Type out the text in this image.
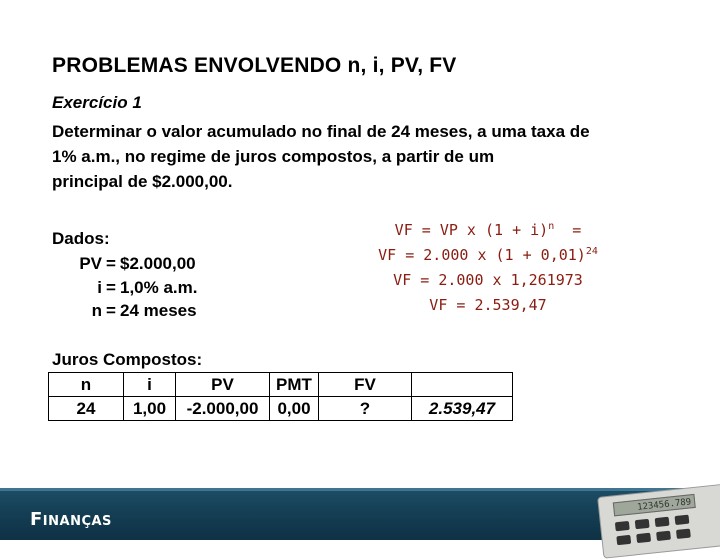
PROBLEMAS ENVOLVENDO n, i, PV, FV
Exercício 1
Determinar o valor acumulado no final de 24 meses, a uma taxa de
1% a.m., no regime de juros compostos, a partir de um
principal de $2.000,00.
Dados:
PV	=	$2.000,00
i	=	1,0% a.m.
n	=	24 meses
VF = VP x $(1 + i)^n$  =
VF = 2.000 x $(1 + 0,01)^{24}$
VF = 2.000 x 1,261973
VF = 2.539,47
Juros Compostos:
n	i	PV	PMT	FV	
24	1,00	-2.000,00	0,00	?	2.539,47
Finanças
123456.789
